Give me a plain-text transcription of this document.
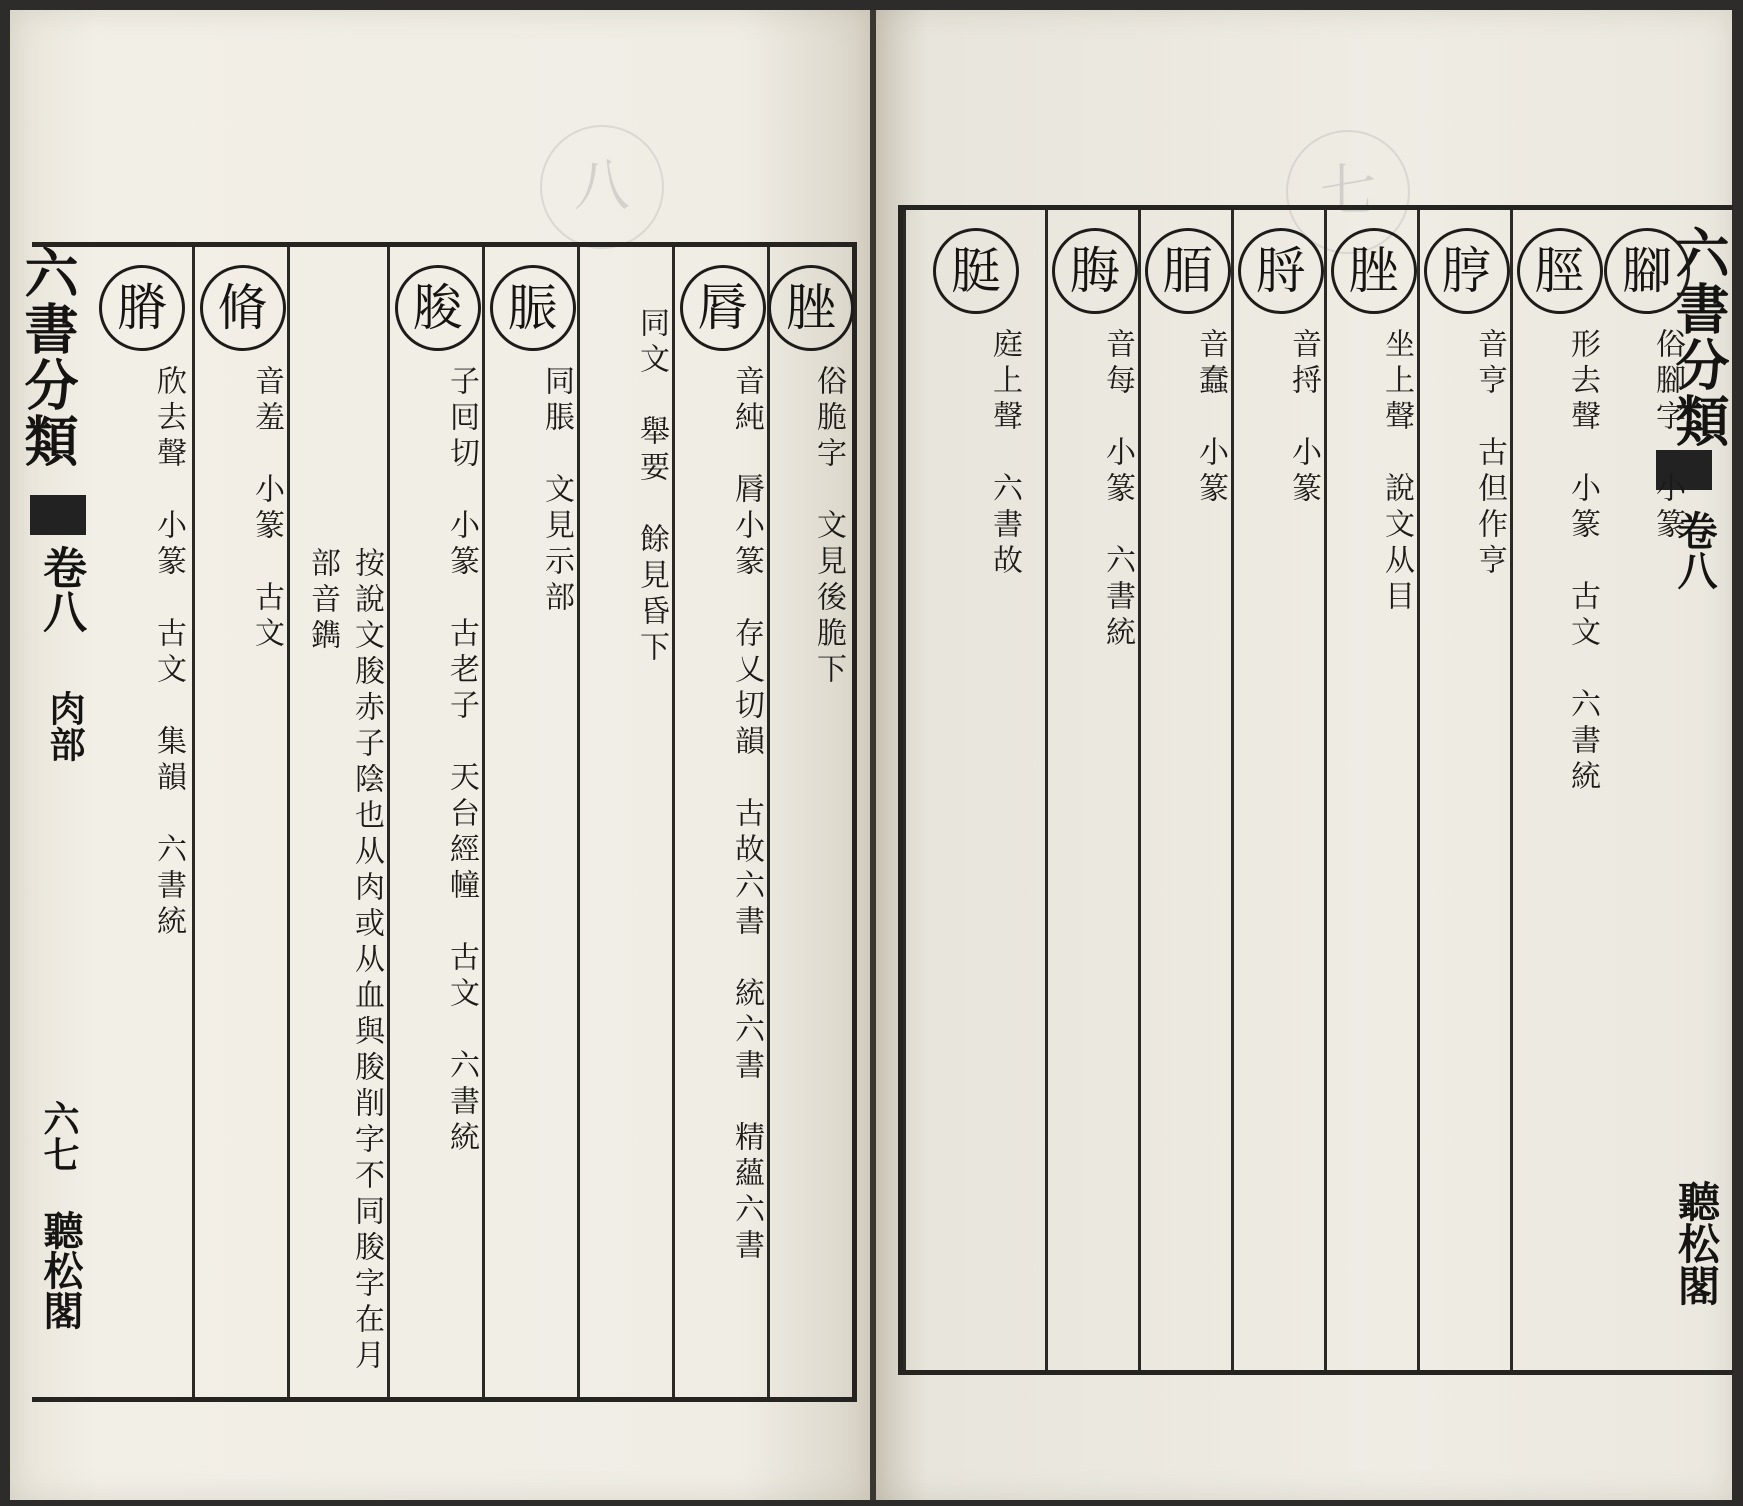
八
六書分類
卷八
肉部
六七
聽松閣
脞
俗脆字　文見後脆下
脣
音純　脣小篆　存乂切韻　古故六書　統六書　精蘊六書
同文　舉要　餘見昏下
脤
同脹　文見示部
脧
子囘切　小篆　古老子　天台經幢　古文　六書統
按說文朘赤子陰也从肉或从血與朘削字不同朘字在月部音鐫
脩
音羞　小篆　古文
膌
欣去聲　小篆　古文　集韻　六書統
七
六書分類
卷八
聽松閣
腳
俗腳字　小篆
脛
形去聲　小篆　古文　六書統
脝
音亨　古但作亨
脞
坐上聲　說文从目
脟
音捋　小篆
脜
音蠢　小篆
脢
音每　小篆　六書統
脡
庭上聲　六書故
